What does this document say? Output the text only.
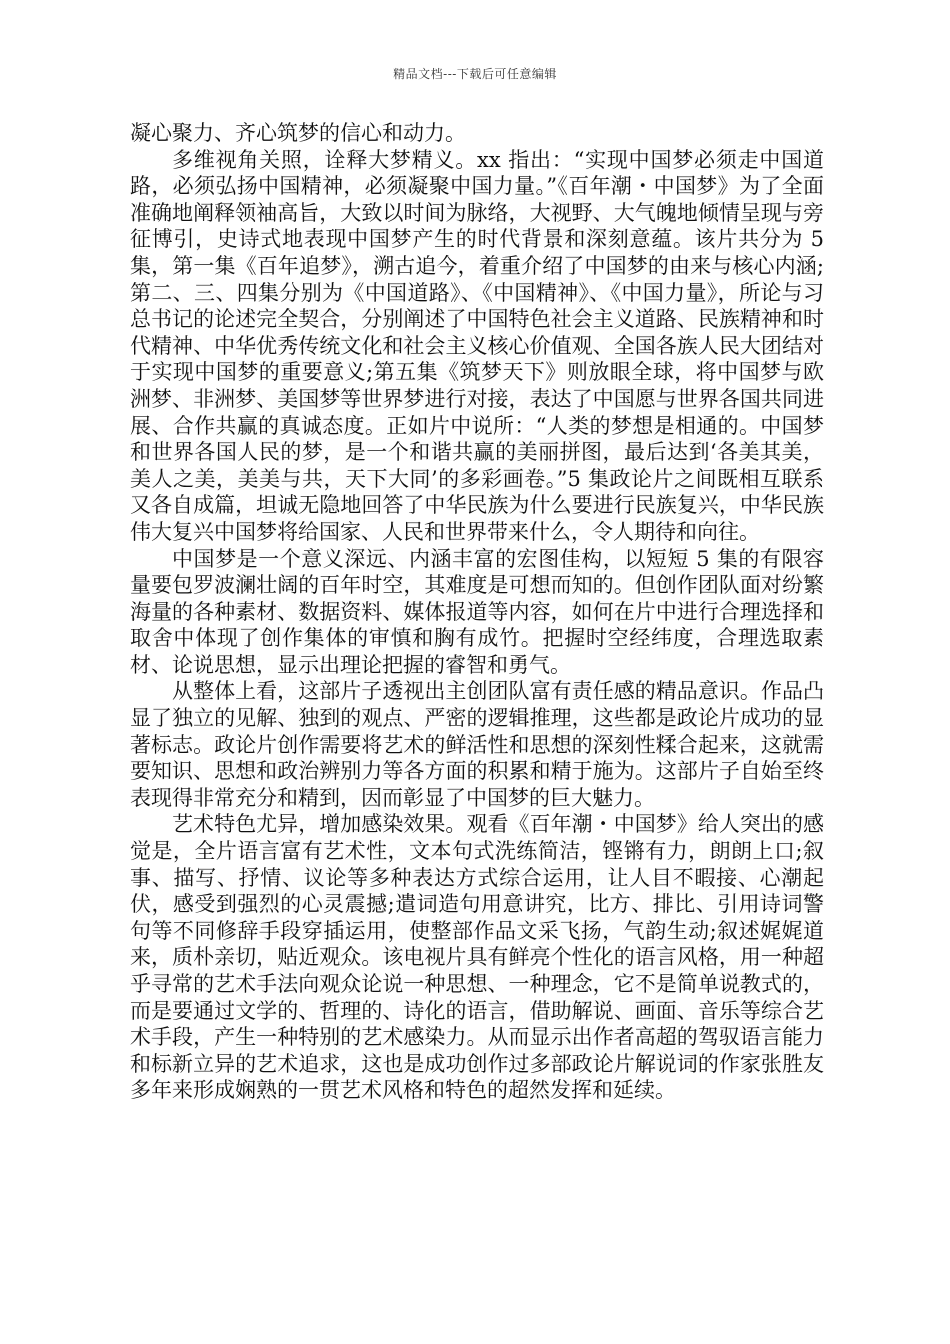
精品文档---下载后可任意编辑

凝心聚力、齐心筑梦的信心和动力。

多维视角关照，诠释大梦精义。xx 指出：“实现中国梦必须走中国道路，必须弘扬中国精神，必须凝聚中国力量。”《百年潮・中国梦》为了全面准确地阐释领袖高旨，大致以时间为脉络，大视野、大气魄地倾情呈现与旁征博引，史诗式地表现中国梦产生的时代背景和深刻意蕴。该片共分为 5 集，第一集《百年追梦》，溯古追今，着重介绍了中国梦的由来与核心内涵;第二、三、四集分别为《中国道路》、《中国精神》、《中国力量》，所论与习总书记的论述完全契合，分别阐述了中国特色社会主义道路、民族精神和时代精神、中华优秀传统文化和社会主义核心价值观、全国各族人民大团结对于实现中国梦的重要意义;第五集《筑梦天下》则放眼全球，将中国梦与欧洲梦、非洲梦、美国梦等世界梦进行对接，表达了中国愿与世界各国共同进展、合作共赢的真诚态度。正如片中说所：“人类的梦想是相通的。中国梦和世界各国人民的梦，是一个和谐共赢的美丽拼图，最后达到‘各美其美，美人之美，美美与共，天下大同’的多彩画卷。”5 集政论片之间既相互联系又各自成篇，坦诚无隐地回答了中华民族为什么要进行民族复兴，中华民族伟大复兴中国梦将给国家、人民和世界带来什么，令人期待和向往。

中国梦是一个意义深远、内涵丰富的宏图佳构，以短短 5 集的有限容量要包罗波澜壮阔的百年时空，其难度是可想而知的。但创作团队面对纷繁海量的各种素材、数据资料、媒体报道等内容，如何在片中进行合理选择和取舍中体现了创作集体的审慎和胸有成竹。把握时空经纬度，合理选取素材、论说思想，显示出理论把握的睿智和勇气。

从整体上看，这部片子透视出主创团队富有责任感的精品意识。作品凸显了独立的见解、独到的观点、严密的逻辑推理，这些都是政论片成功的显著标志。政论片创作需要将艺术的鲜活性和思想的深刻性糅合起来，这就需要知识、思想和政治辨别力等各方面的积累和精于施为。这部片子自始至终表现得非常充分和精到，因而彰显了中国梦的巨大魅力。

艺术特色尤异，增加感染效果。观看《百年潮・中国梦》给人突出的感觉是，全片语言富有艺术性，文本句式洗练简洁，铿锵有力，朗朗上口;叙事、描写、抒情、议论等多种表达方式综合运用，让人目不暇接、心潮起伏，感受到强烈的心灵震撼;遣词造句用意讲究，比方、排比、引用诗词警句等不同修辞手段穿插运用，使整部作品文采飞扬，气韵生动;叙述娓娓道来，质朴亲切，贴近观众。该电视片具有鲜亮个性化的语言风格，用一种超乎寻常的艺术手法向观众论说一种思想、一种理念，它不是简单说教式的，而是要通过文学的、哲理的、诗化的语言，借助解说、画面、音乐等综合艺术手段，产生一种特别的艺术感染力。从而显示出作者高超的驾驭语言能力和标新立异的艺术追求，这也是成功创作过多部政论片解说词的作家张胜友多年来形成娴熟的一贯艺术风格和特色的超然发挥和延续。
